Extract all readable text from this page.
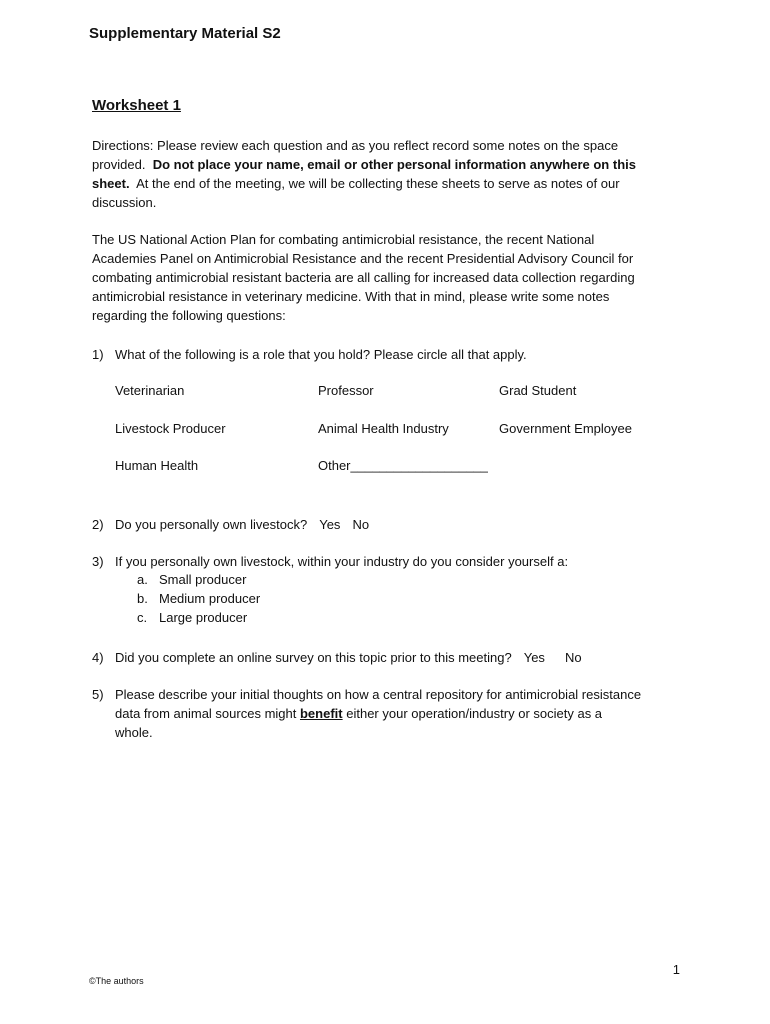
Supplementary Material S2
Worksheet 1
Directions: Please review each question and as you reflect record some notes on the space
provided. Do not place your name, email or other personal information anywhere on this
sheet. At the end of the meeting, we will be collecting these sheets to serve as notes of our
discussion.
The US National Action Plan for combating antimicrobial resistance, the recent National
Academies Panel on Antimicrobial Resistance and the recent Presidential Advisory Council for
combating antimicrobial resistant bacteria are all calling for increased data collection regarding
antimicrobial resistance in veterinary medicine. With that in mind, please write some notes
regarding the following questions:
1) What of the following is a role that you hold? Please circle all that apply.
Veterinarian	Professor	Grad Student
Livestock Producer	Animal Health Industry	Government Employee
Human Health	Other___________________
2) Do you personally own livestock? Yes No
3) If you personally own livestock, within your industry do you consider yourself a:
a. Small producer
b. Medium producer
c. Large producer
4) Did you complete an online survey on this topic prior to this meeting? Yes No
5) Please describe your initial thoughts on how a central repository for antimicrobial resistance
data from animal sources might benefit either your operation/industry or society as a
whole.
1
©The authors
